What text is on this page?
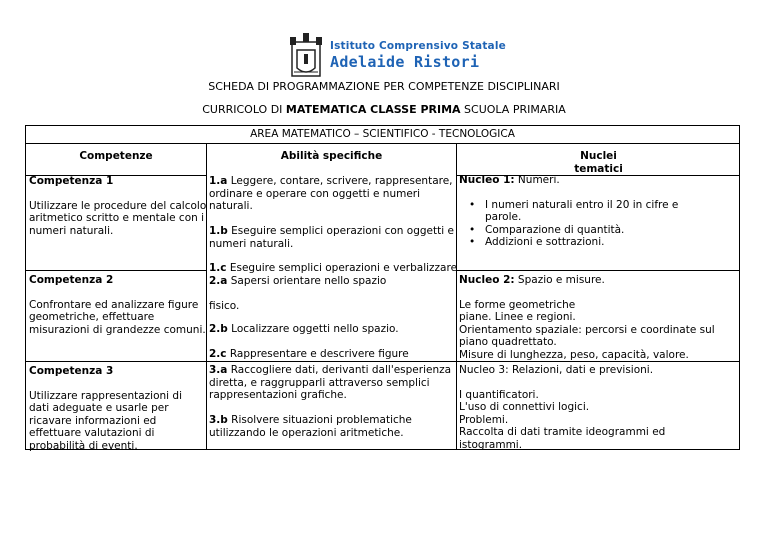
Istituto Comprensivo Statale
Adelaide Ristori
SCHEDA DI PROGRAMMAZIONE PER COMPETENZE DISCIPLINARI
CURRICOLO DI MATEMATICA CLASSE PRIMA SCUOLA PRIMARIA
AREA MATEMATICO – SCIENTIFICO - TECNOLOGICA
Competenze	Abilità specifiche	Nuclei
tematici
Competenza 1
Utilizzare le procedure del calcolo
aritmetico scritto e mentale con i
numeri naturali.
Competenza 2
Confrontare ed analizzare figure
geometriche, effettuare
misurazioni di grandezze comuni.
Competenza 3
Utilizzare rappresentazioni di
dati adeguate e usarle per
ricavare informazioni ed
effettuare valutazioni di
probabilità di eventi.
1.a Leggere, contare, scrivere, rappresentare,
ordinare e operare con oggetti e numeri
naturali.
1.b Eseguire semplici operazioni con oggetti e
numeri naturali.
1.c Eseguire semplici operazioni e verbalizzare
2.a Sapersi orientare nello spazio
fisico.
2.b Localizzare oggetti nello spazio.
2.c Rappresentare e descrivere figure
3.a Raccogliere dati, derivanti dall'esperienza
diretta, e raggrupparli attraverso semplici
rappresentazioni grafiche.
3.b Risolvere situazioni problematiche
utilizzando le operazioni aritmetiche.
Nucleo 1: Numeri.
• I numeri naturali entro il 20 in cifre e
parole.
• Comparazione di quantità.
• Addizioni e sottrazioni.
Nucleo 2: Spazio e misure.
Le forme geometriche
piane. Linee e regioni.
Orientamento spaziale: percorsi e coordinate sul
piano quadrettato.
Misure di lunghezza, peso, capacità, valore.
Nucleo 3: Relazioni, dati e previsioni.
I quantificatori.
L'uso di connettivi logici.
Problemi.
Raccolta di dati tramite ideogrammi ed
istogrammi.
